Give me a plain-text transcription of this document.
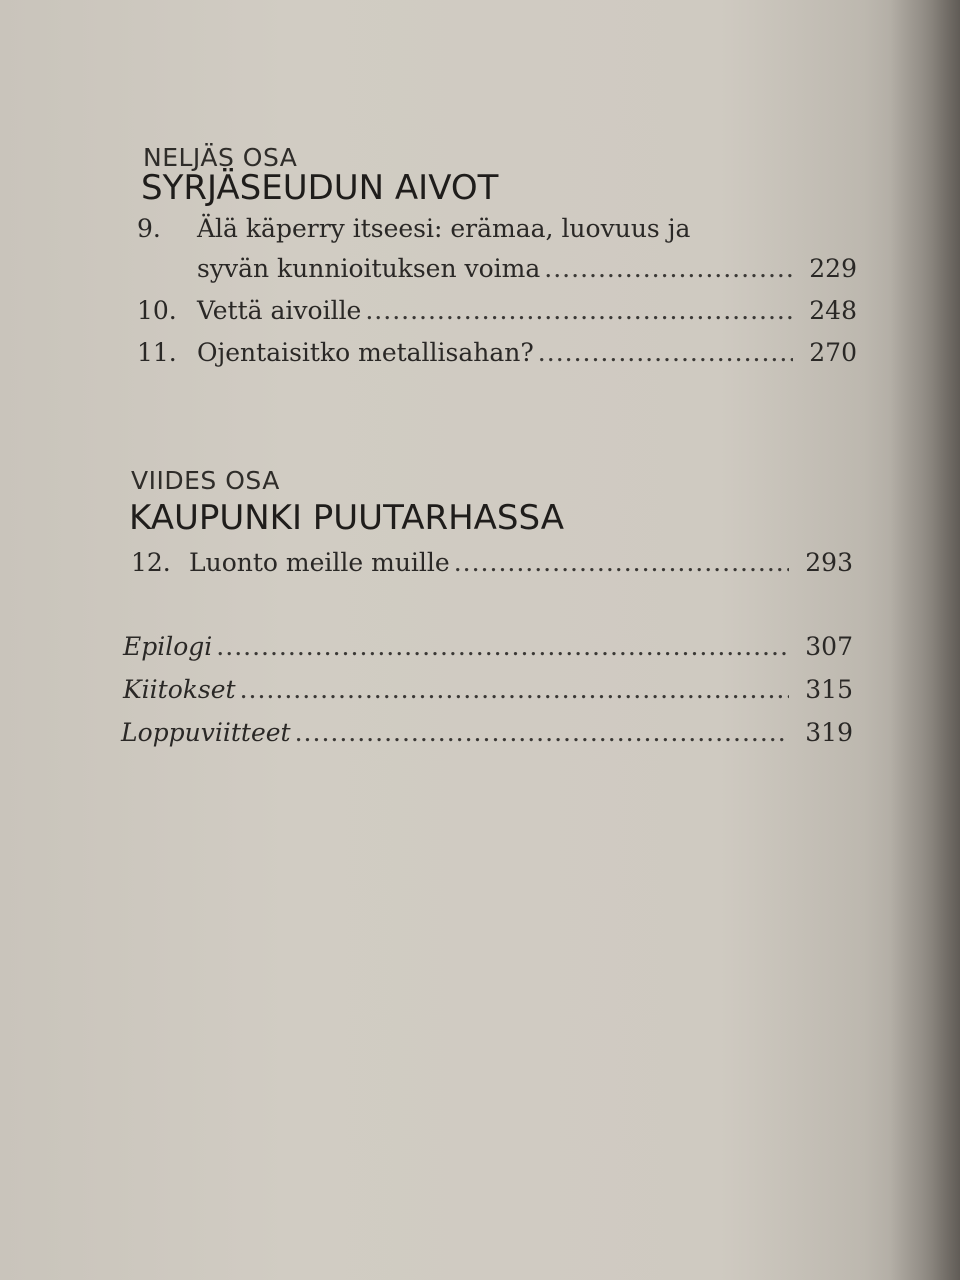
NELJÄS OSA
SYRJÄSEUDUN AIVOT
9. Älä käperry itseesi: erämaa, luovuus ja
syvän kunnioituksen voima .....	229
10. Vettä aivoille .....	248
11. Ojentaisitko metallisahan? .....	270
VIIDES OSA
KAUPUNKI PUUTARHASSA
12. Luonto meille muille .....	293
Epilogi .....	307
Kiitokset .....	315
Loppuviitteet .....	319
